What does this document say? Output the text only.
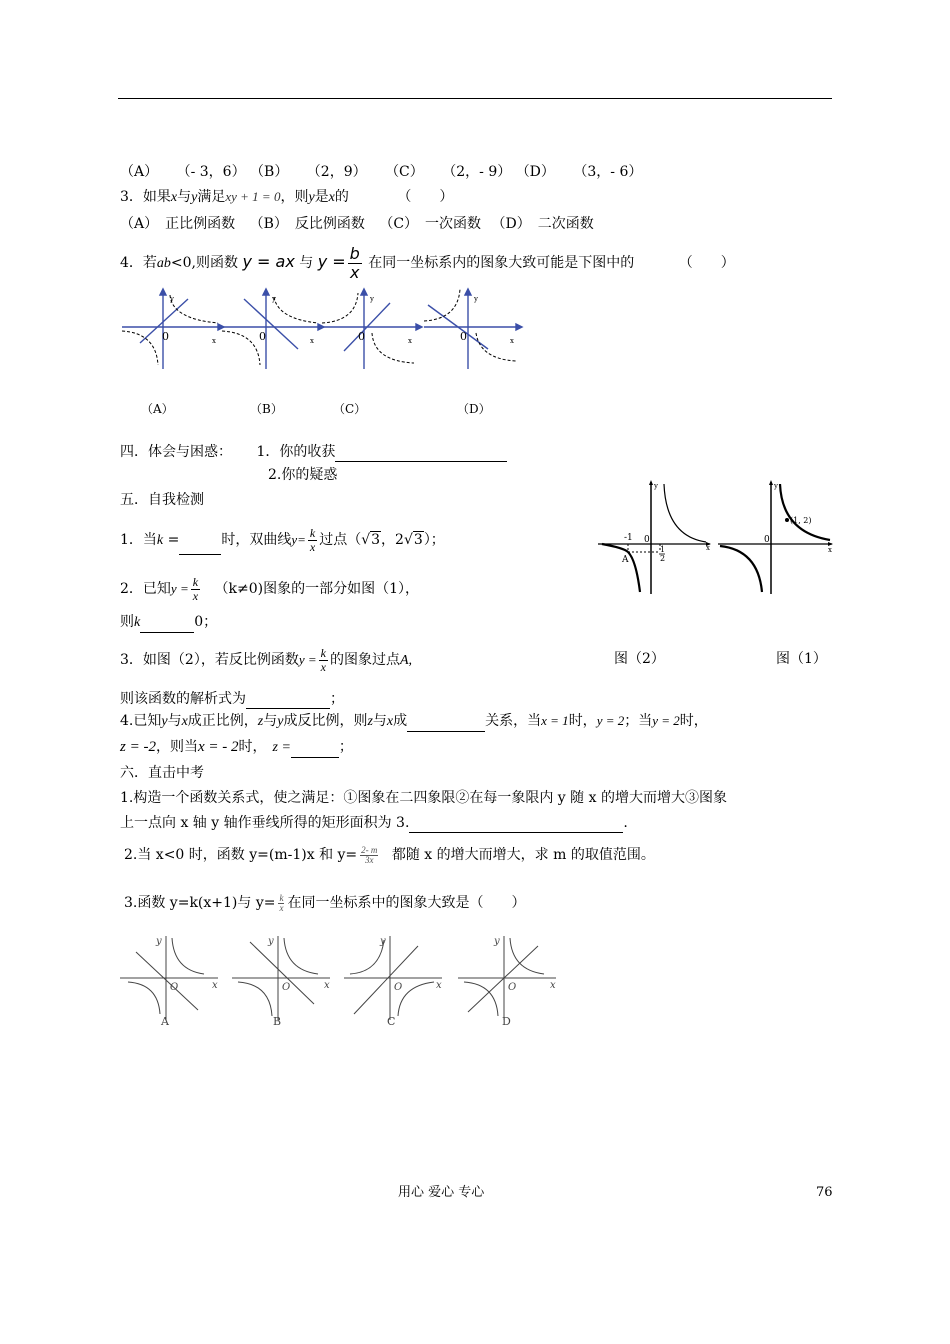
（A） （- 3，6） （B） （2，9） （C） （2，- 9） （D） （3，- 6）
3．如果x与y满足xy + 1 = 0，则y是x的	（　　）
（A）　正比例函数 （B）　反比例函数 （C）　一次函数 （D）　二次函数
4．若ab<0,则函数 y = ax 与 $y = \frac{b}{x}$ 在同一坐标系内的图象大致可能是下图中的	（　　）
0	x
y
0	x
y
0	x
y
0	x
y
（A）	（B）	（C）	（D）
四．体会与困惑： 1．你的收获
2.你的疑惑
五．自我检测
1．当k =	时，双曲线$y= \frac{k}{x}$ 过点（√3，2√3）；
2．已知$y = \frac{k}{x} (k\ne 0)$图象的一部分如图（1），
则k	0；
3．如图（2），若反比例函数$y = \frac{k}{x}$ 的图象过点A,	图（2）	图（1）
则该函数的解析式为	；
4.已知y与x成正比例，z与y成反比例，则z与x成	关系，当x = 1时，y = 2；当y = 2时，
z = -2，则当x = - 2时， z =	；
-1
A
0
1
2
x
y
(1, 2)
0
x
y
六．直击中考
1.构造一个函数关系式，使之满足：①图象在二四象限②在每一象限内 y 随 x 的增大而增大③图象
上一点向 x 轴 y 轴作垂线所得的矩形面积为 3.	.
2.当 x<0 时，函数 y=(m-1)x 和 $y= \frac{2- m}{3x}$ 都随 x 的增大而增大，求 m 的取值范围。
3.函数 y=k(x+1)与 $y= \frac{k}{x}$ 在同一坐标系中的图象大致是（　　）
O	x
y
O	x
y
O	x
y
O	x
y
A	B	C	D
用心 爱心 专心	76
